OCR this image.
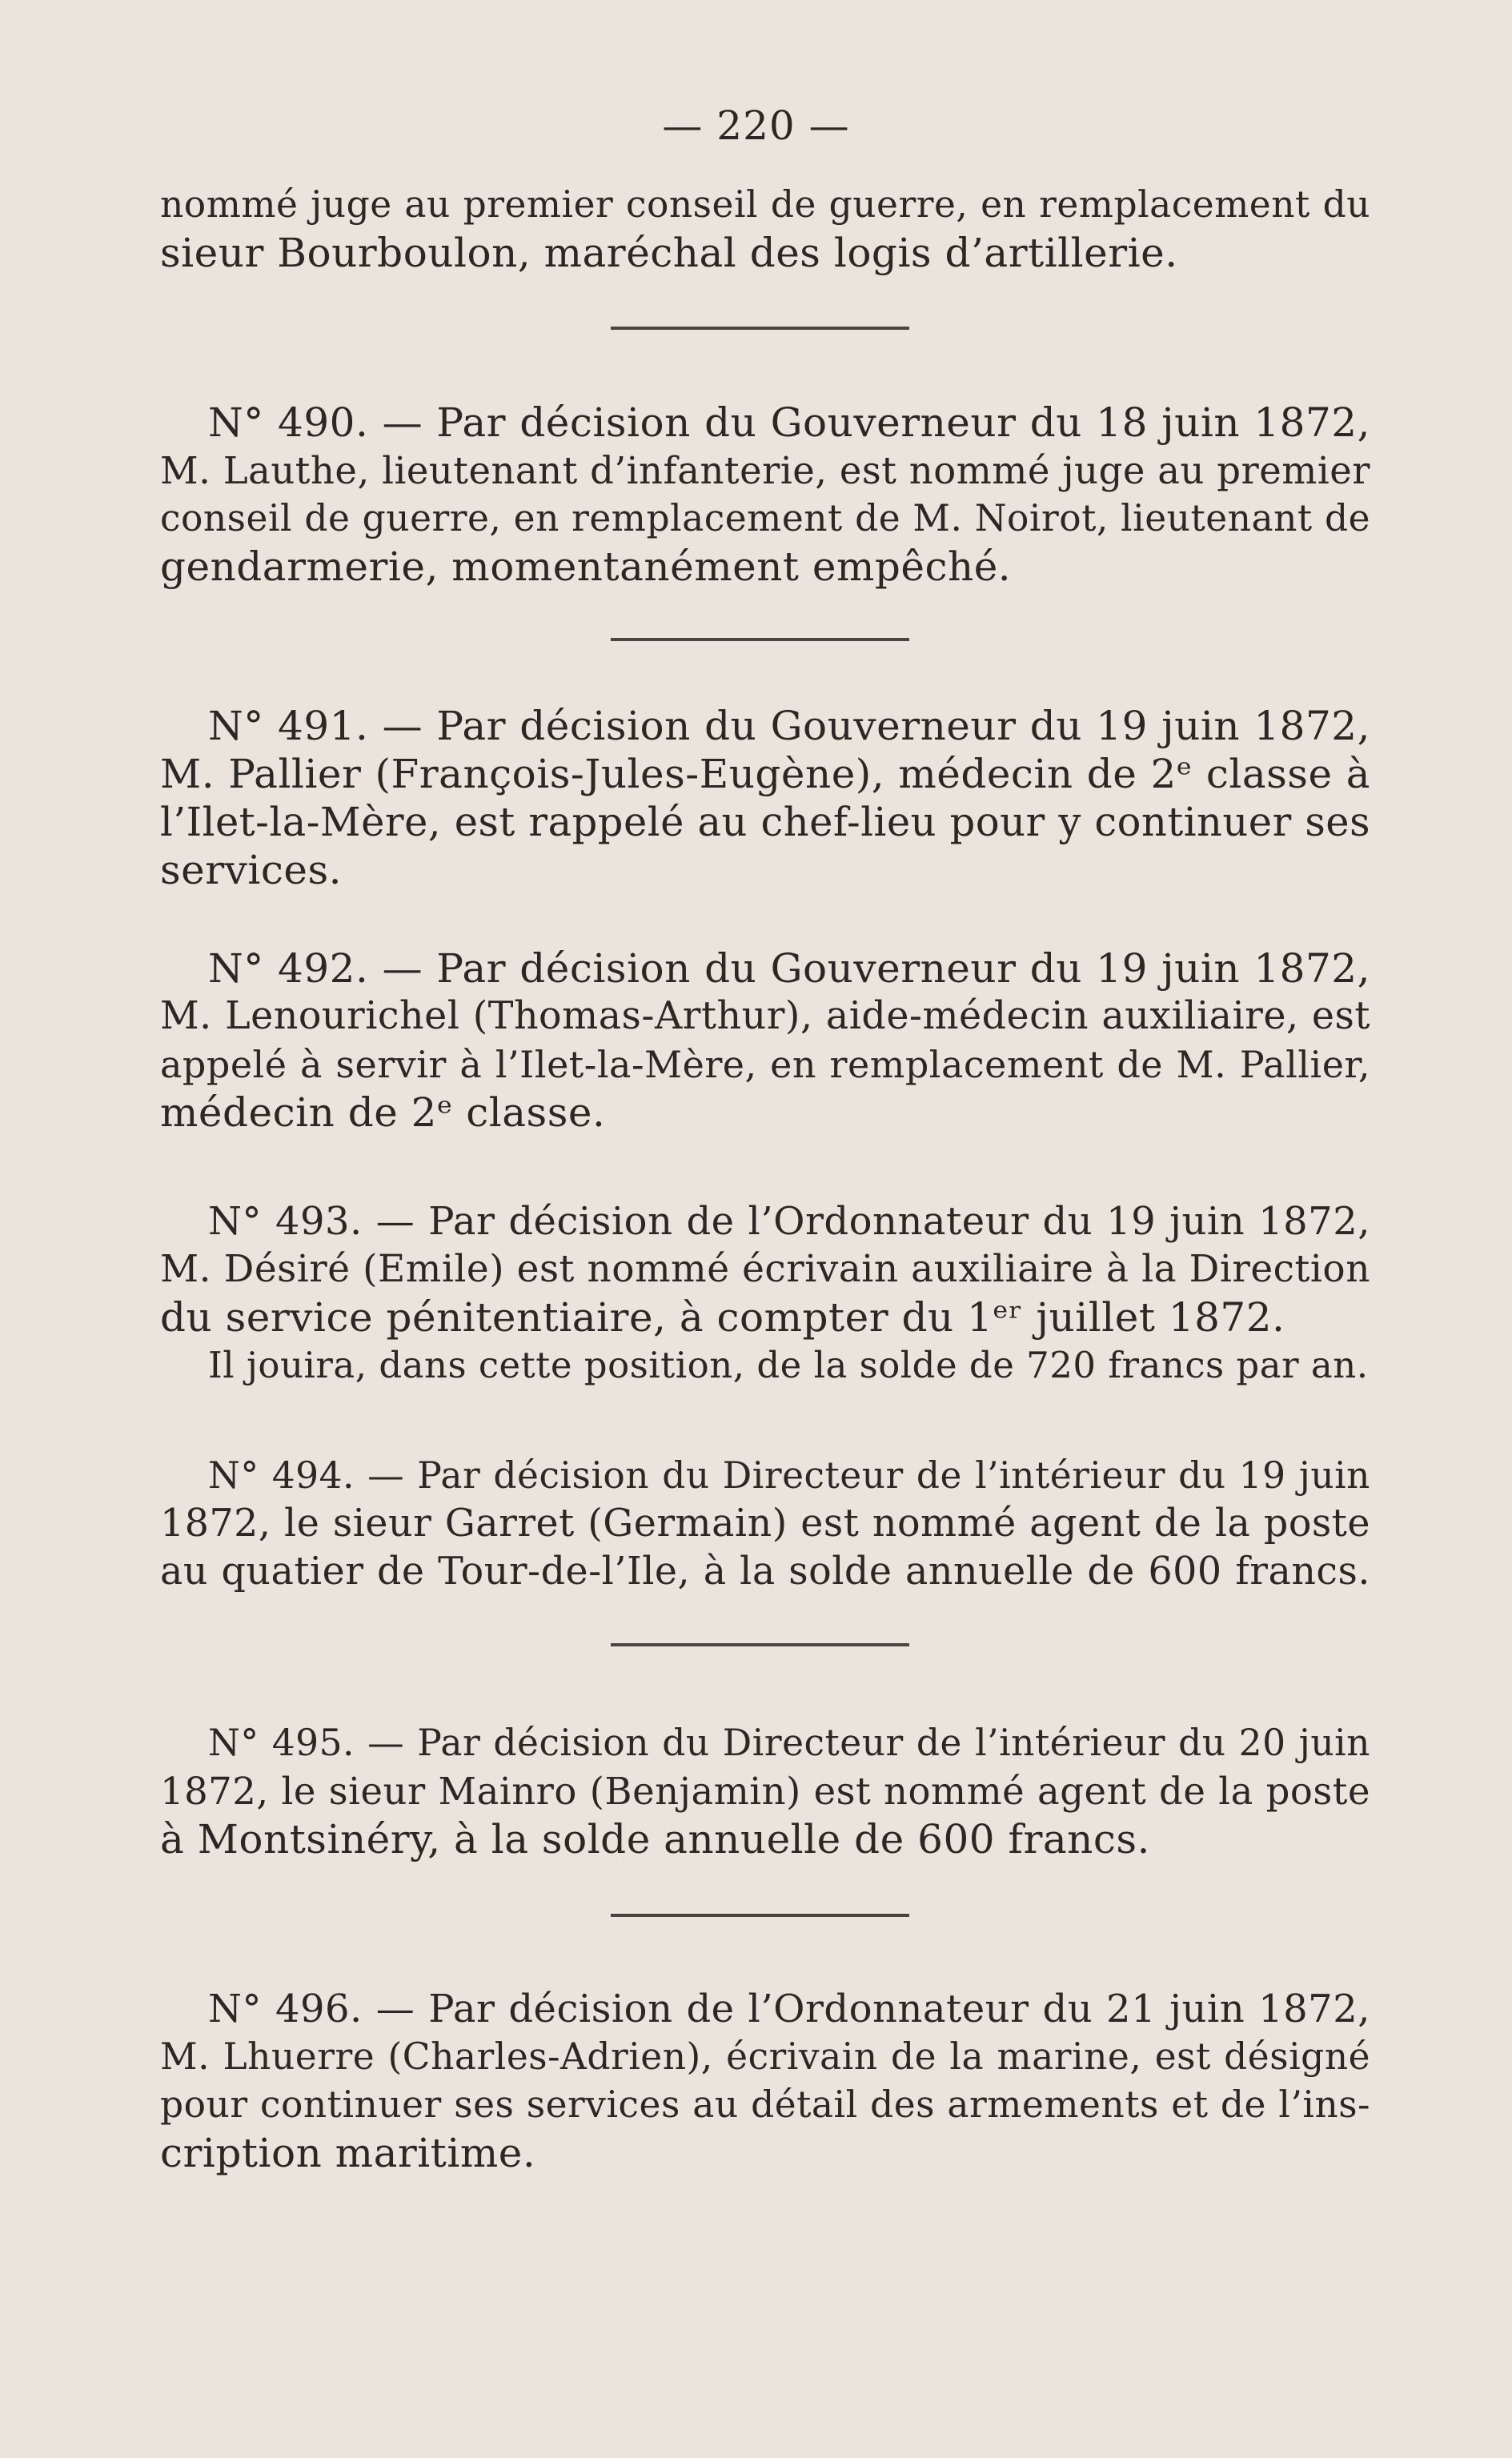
— 220 —
nommé juge au premier conseil de guerre, en remplacement du
sieur Bourboulon, maréchal des logis d’artillerie.
N° 490. — Par décision du Gouverneur du 18 juin 1872,
M. Lauthe, lieutenant d’infanterie, est nommé juge au premier
conseil de guerre, en remplacement de M. Noirot, lieutenant de
gendarmerie, momentanément empêché.
N° 491. — Par décision du Gouverneur du 19 juin 1872,
M. Pallier (François-Jules-Eugène), médecin de 2ᵉ classe à
l’Ilet-la-Mère, est rappelé au chef-lieu pour y continuer ses
services.
N° 492. — Par décision du Gouverneur du 19 juin 1872,
M. Lenourichel (Thomas-Arthur), aide-médecin auxiliaire, est
appelé à servir à l’Ilet-la-Mère, en remplacement de M. Pallier,
médecin de 2ᵉ classe.
N° 493. — Par décision de l’Ordonnateur du 19 juin 1872,
M. Désiré (Emile) est nommé écrivain auxiliaire à la Direction
du service pénitentiaire, à compter du 1ᵉʳ juillet 1872.
Il jouira, dans cette position, de la solde de 720 francs par an.
N° 494. — Par décision du Directeur de l’intérieur du 19 juin
1872, le sieur Garret (Germain) est nommé agent de la poste
au quatier de Tour-de-l’Ile, à la solde annuelle de 600 francs.
N° 495. — Par décision du Directeur de l’intérieur du 20 juin
1872, le sieur Mainro (Benjamin) est nommé agent de la poste
à Montsinéry, à la solde annuelle de 600 francs.
N° 496. — Par décision de l’Ordonnateur du 21 juin 1872,
M. Lhuerre (Charles-Adrien), écrivain de la marine, est désigné
pour continuer ses services au détail des armements et de l’ins-
cription maritime.
